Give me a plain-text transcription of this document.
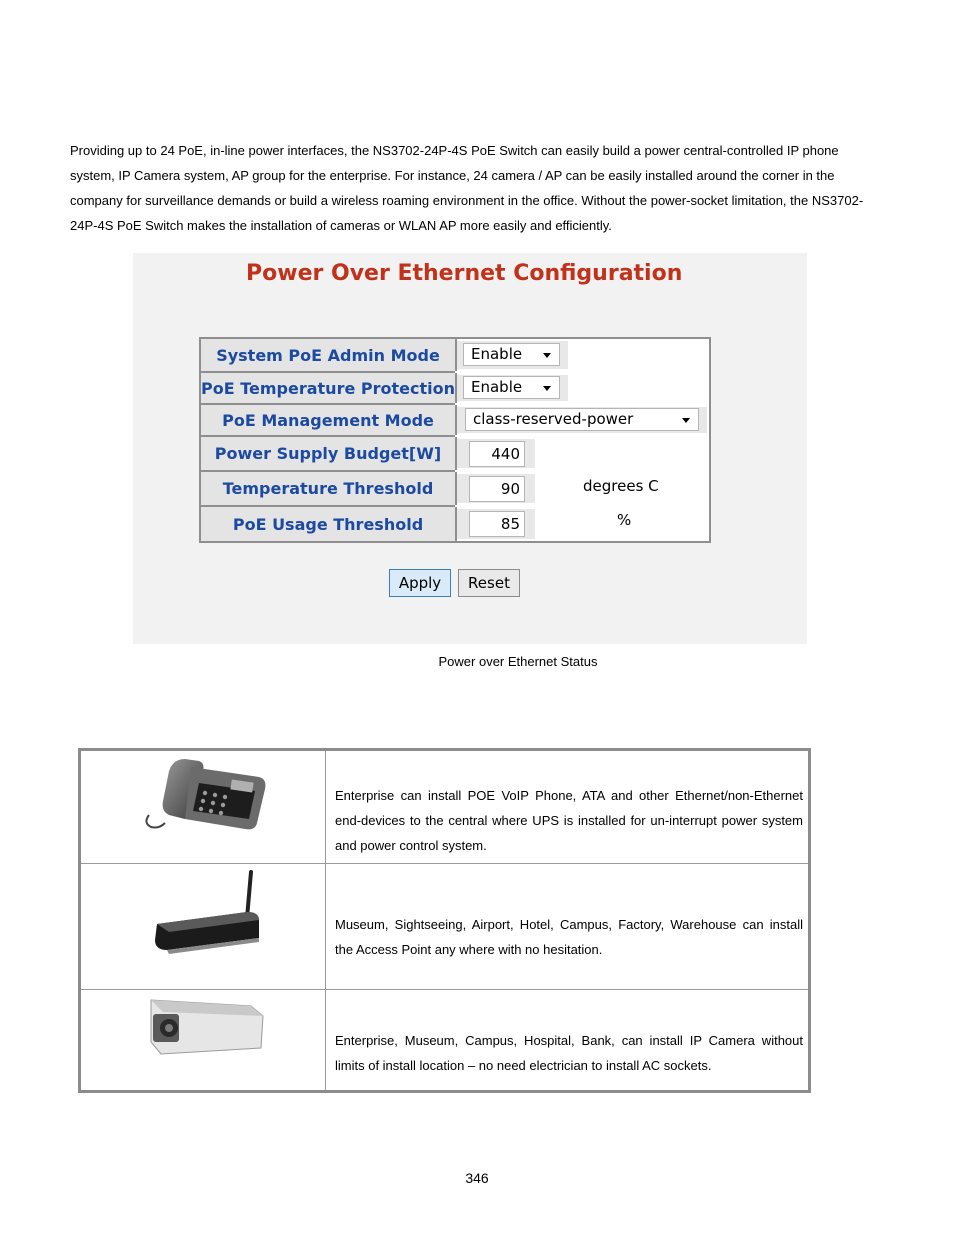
Providing up to 24 PoE, in-line power interfaces, the NS3702-24P-4S PoE Switch can easily build a power central-controlled IP phone system, IP Camera system, AP group for the enterprise. For instance, 24 camera / AP can be easily installed around the corner in the company for surveillance demands or build a wireless roaming environment in the office. Without the power-socket limitation, the NS3702-24P-4S PoE Switch makes the installation of cameras or WLAN AP more easily and efficiently.

Power Over Ethernet Configuration
System PoE Admin Mode	Enable
PoE Temperature Protection	Enable
PoE Management Mode	class-reserved-power
Power Supply Budget[W]	440
Temperature Threshold	90	degrees C
PoE Usage Threshold	85	%
Apply	Reset

Power over Ethernet Status

Enterprise can install POE VoIP Phone, ATA and other Ethernet/non-Ethernet end-devices to the central where UPS is installed for un-interrupt power system and power control system.

Museum, Sightseeing, Airport, Hotel, Campus, Factory, Warehouse can install the Access Point any where with no hesitation.

Enterprise, Museum, Campus, Hospital, Bank, can install IP Camera without limits of install location – no need electrician to install AC sockets.

346
